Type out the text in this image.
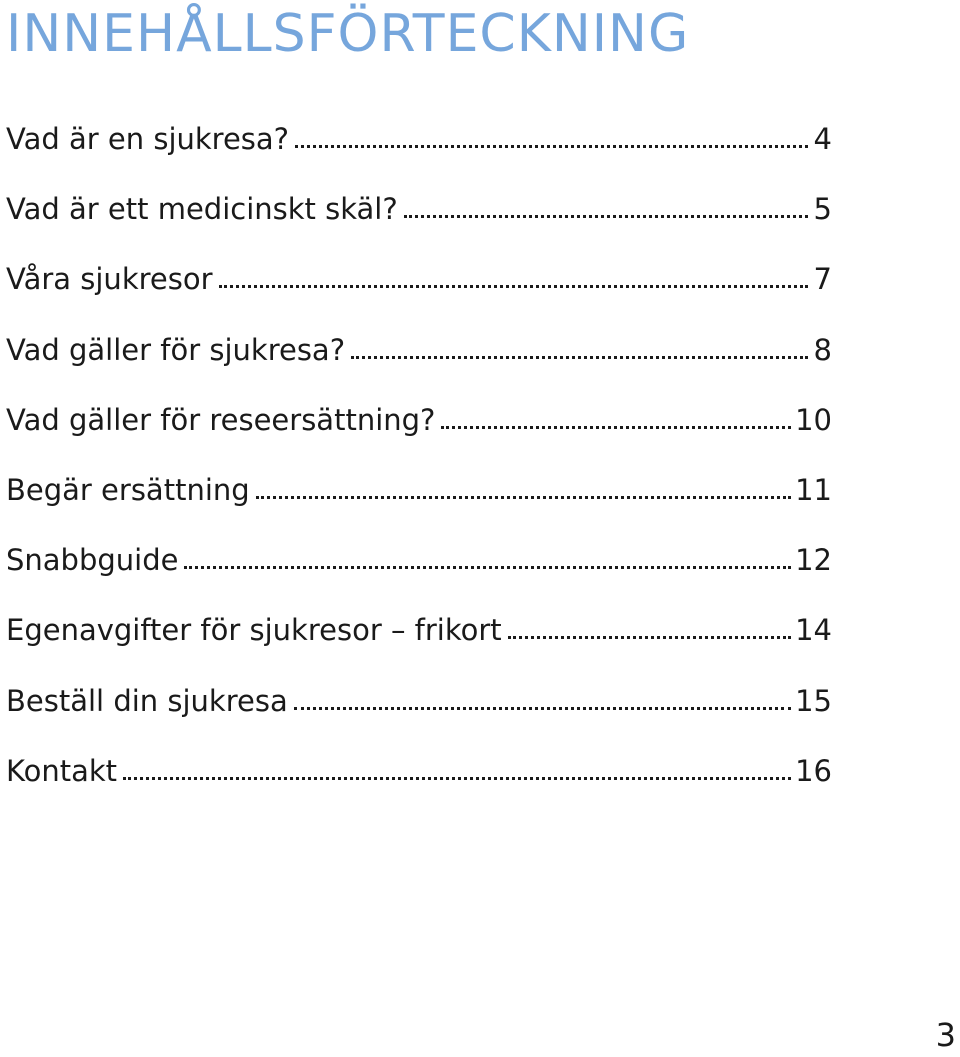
INNEHÅLLSFÖRTECKNING
Vad är en sjukresa?	4
Vad är ett medicinskt skäl?	5
Våra sjukresor	7
Vad gäller för sjukresa?	8
Vad gäller för reseersättning?	10
Begär ersättning	11
Snabbguide	12
Egenavgifter för sjukresor – frikort	14
Beställ din sjukresa	15
Kontakt	16
3
